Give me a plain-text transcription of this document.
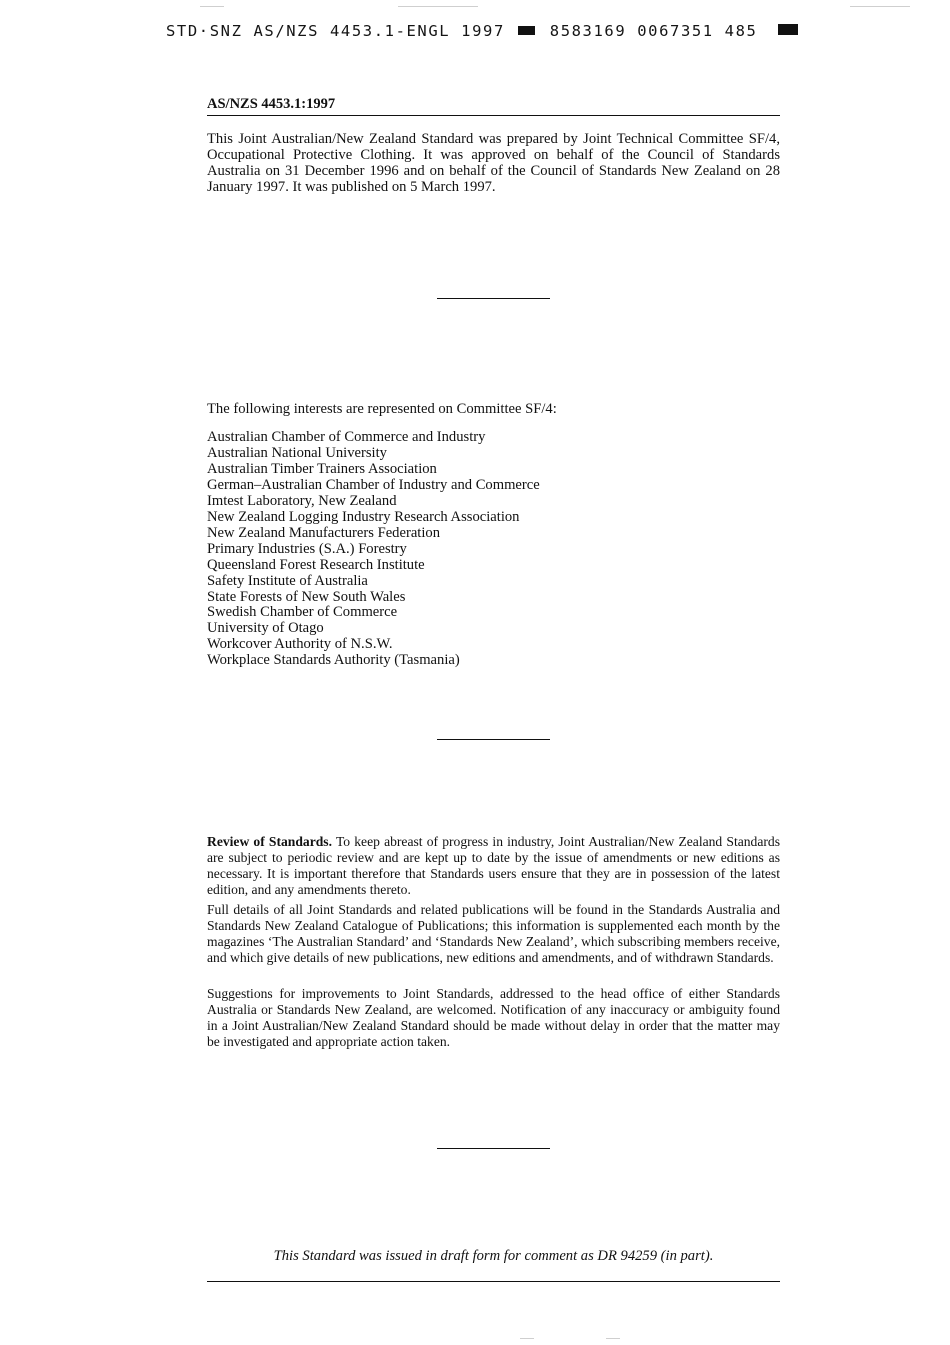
STD·SNZ AS/NZS 4453.1-ENGL 1997	8583169 0067351 485
AS/NZS 4453.1:1997

This Joint Australian/New Zealand Standard was prepared by Joint Technical Committee SF/4, Occupational Protective Clothing. It was approved on behalf of the Council of Standards Australia on 31 December 1996 and on behalf of the Council of Standards New Zealand on 28 January 1997. It was published on 5 March 1997.

The following interests are represented on Committee SF/4:

Australian Chamber of Commerce and Industry
Australian National University
Australian Timber Trainers Association
German–Australian Chamber of Industry and Commerce
Imtest Laboratory, New Zealand
New Zealand Logging Industry Research Association
New Zealand Manufacturers Federation
Primary Industries (S.A.) Forestry
Queensland Forest Research Institute
Safety Institute of Australia
State Forests of New South Wales
Swedish Chamber of Commerce
University of Otago
Workcover Authority of N.S.W.
Workplace Standards Authority (Tasmania)

Review of Standards. To keep abreast of progress in industry, Joint Australian/New Zealand Standards are subject to periodic review and are kept up to date by the issue of amendments or new editions as necessary. It is important therefore that Standards users ensure that they are in possession of the latest edition, and any amendments thereto.

Full details of all Joint Standards and related publications will be found in the Standards Australia and Standards New Zealand Catalogue of Publications; this information is supplemented each month by the magazines ‘The Australian Standard’ and ‘Standards New Zealand’, which subscribing members receive, and which give details of new publications, new editions and amendments, and of withdrawn Standards.

Suggestions for improvements to Joint Standards, addressed to the head office of either Standards Australia or Standards New Zealand, are welcomed. Notification of any inaccuracy or ambiguity found in a Joint Australian/New Zealand Standard should be made without delay in order that the matter may be investigated and appropriate action taken.

This Standard was issued in draft form for comment as DR 94259 (in part).
